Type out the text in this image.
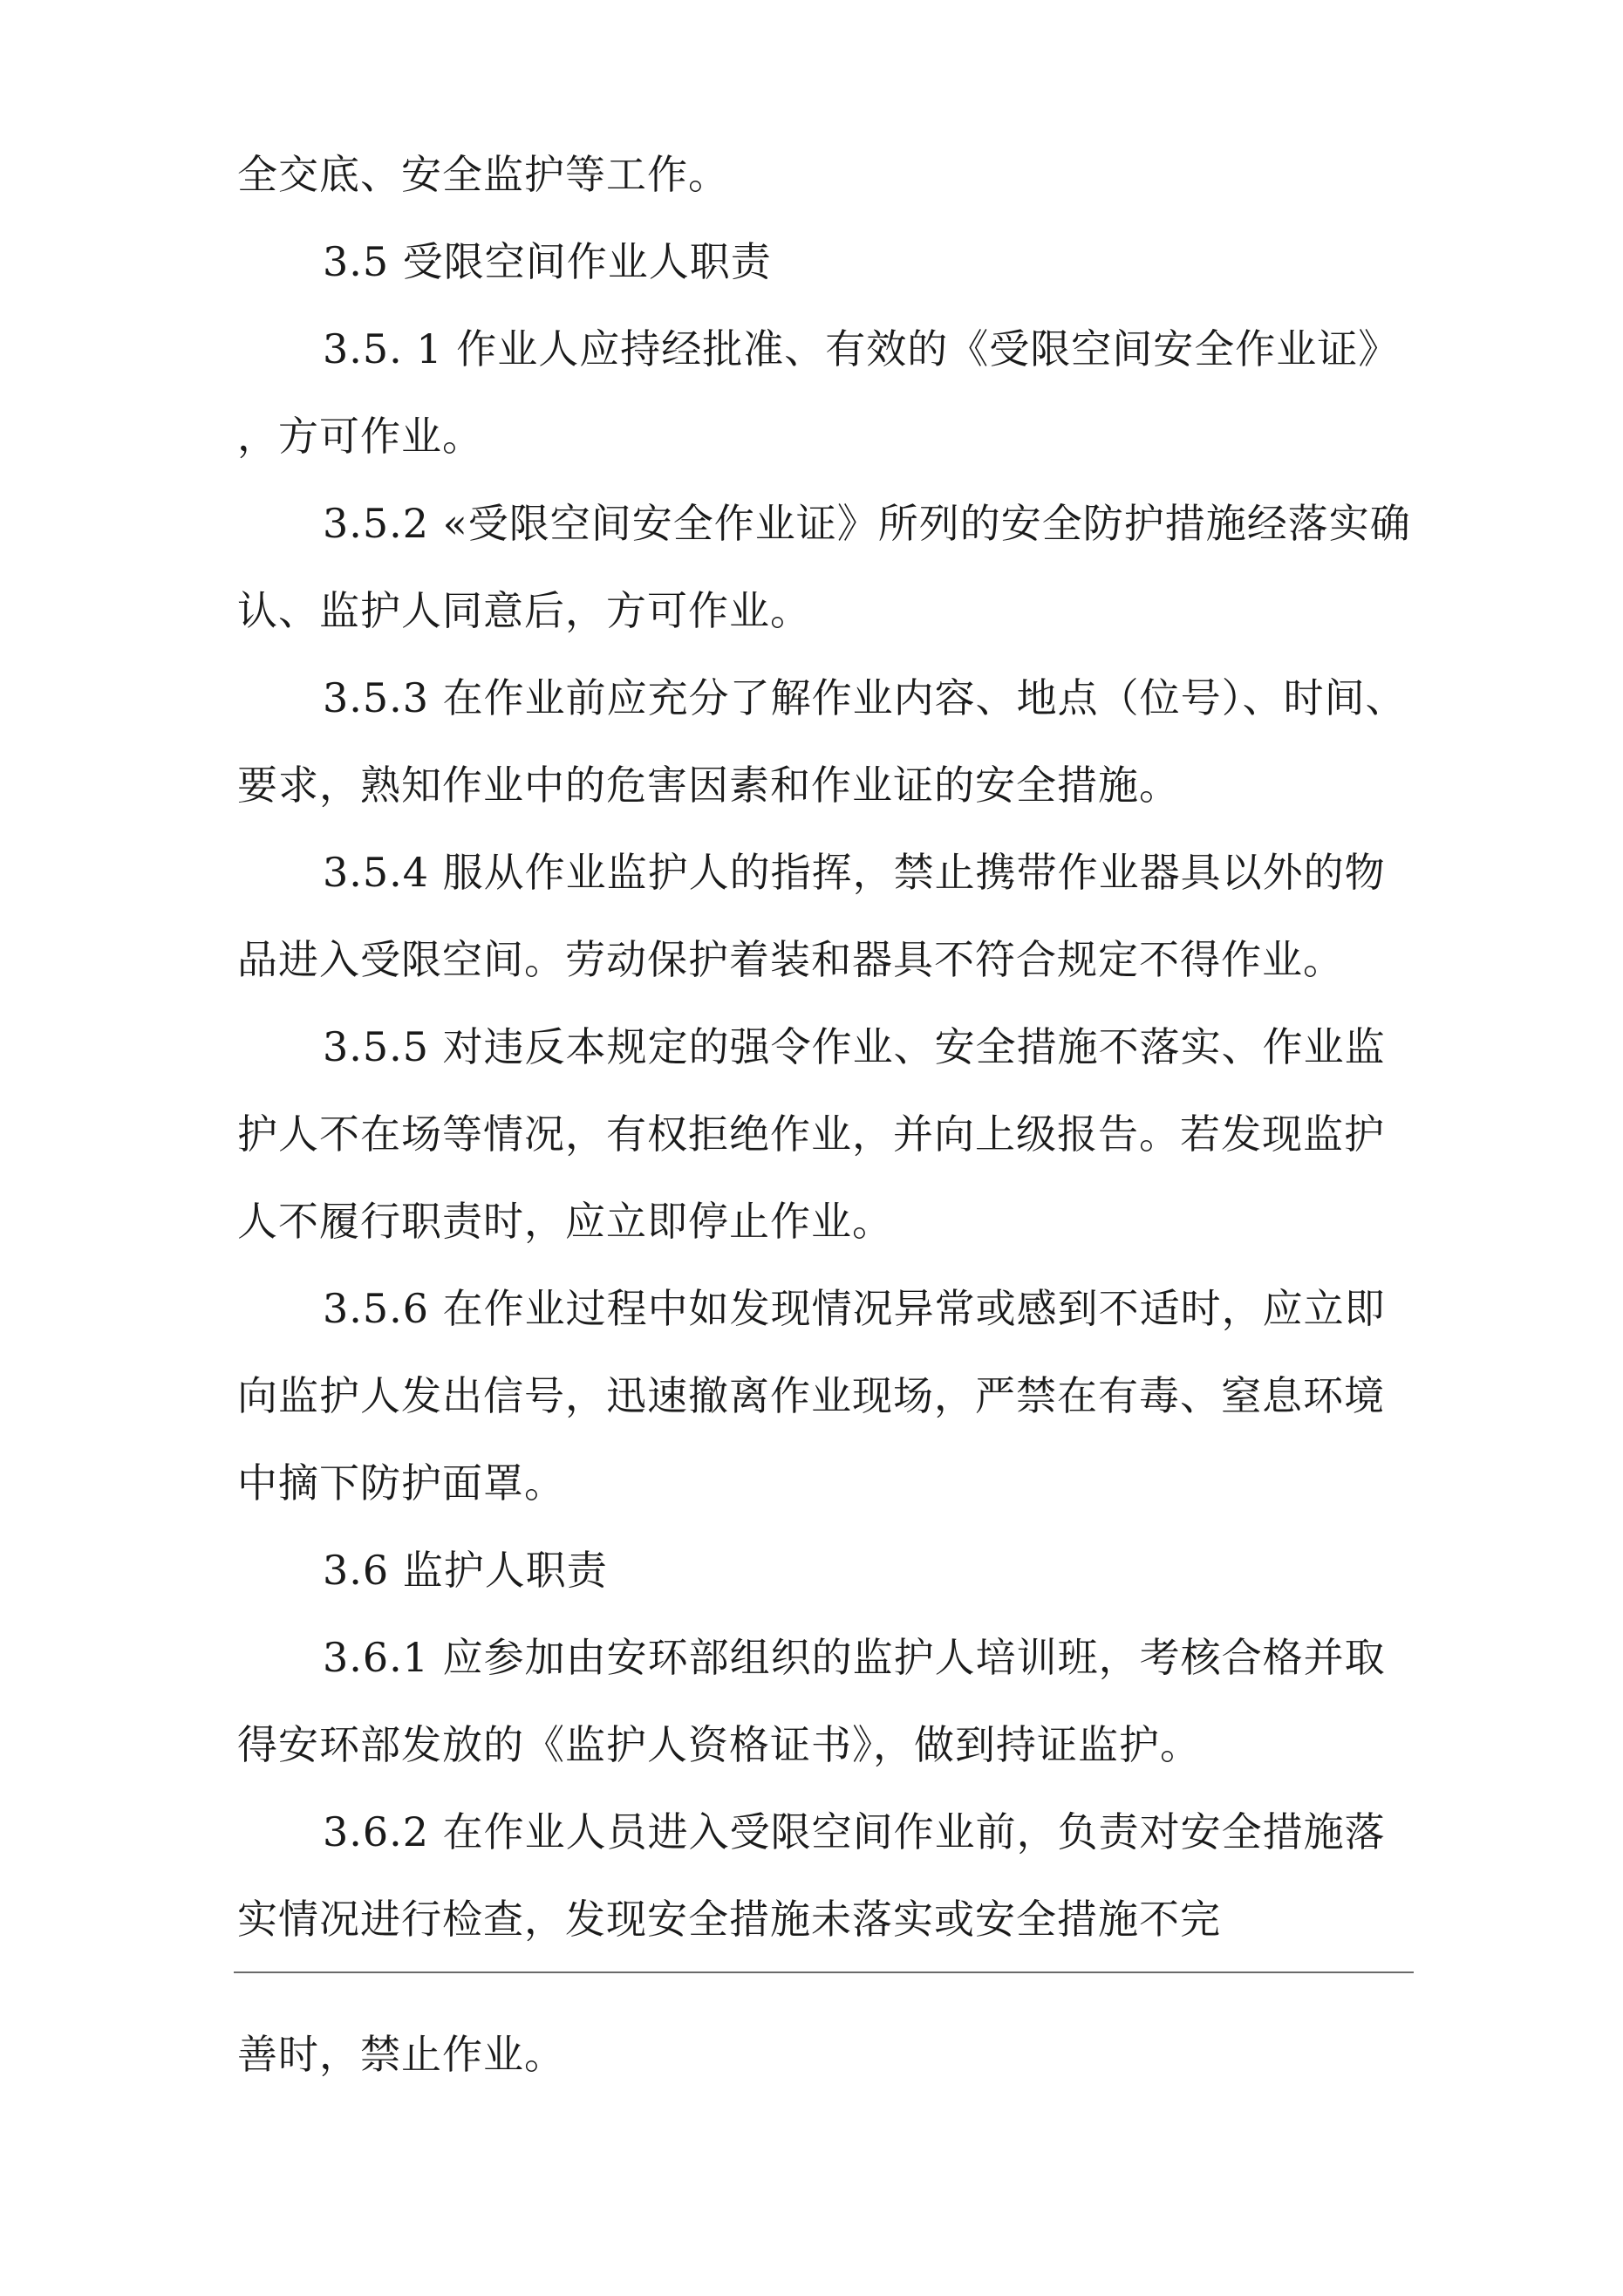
全交底、安全监护等工作。
3.5 受限空间作业人职责
3.5. 1 作业人应持经批准、有效的《受限空间安全作业证》
，方可作业。
3.5.2 «受限空间安全作业证》所列的安全防护措施经落实确
认、监护人同意后，方可作业。
3.5.3 在作业前应充分了解作业内容、地点（位号）、时间、
要求，熟知作业中的危害因素和作业证的安全措施。
3.5.4 服从作业监护人的指挥，禁止携带作业器具以外的物
品进入受限空间。劳动保护着装和器具不符合规定不得作业。
3.5.5 对违反本规定的强令作业、安全措施不落实、作业监
护人不在场等情况，有权拒绝作业，并向上级报告。若发现监护
人不履行职责时，应立即停止作业。
3.5.6 在作业过程中如发现情况异常或感到不适时，应立即
向监护人发出信号，迅速撤离作业现场，严禁在有毒、窒息环境
中摘下防护面罩。
3.6 监护人职责
3.6.1 应参加由安环部组织的监护人培训班，考核合格并取
得安环部发放的《监护人资格证书》，做到持证监护。
3.6.2 在作业人员进入受限空间作业前，负责对安全措施落
实情况进行检查，发现安全措施未落实或安全措施不完
善时，禁止作业。
